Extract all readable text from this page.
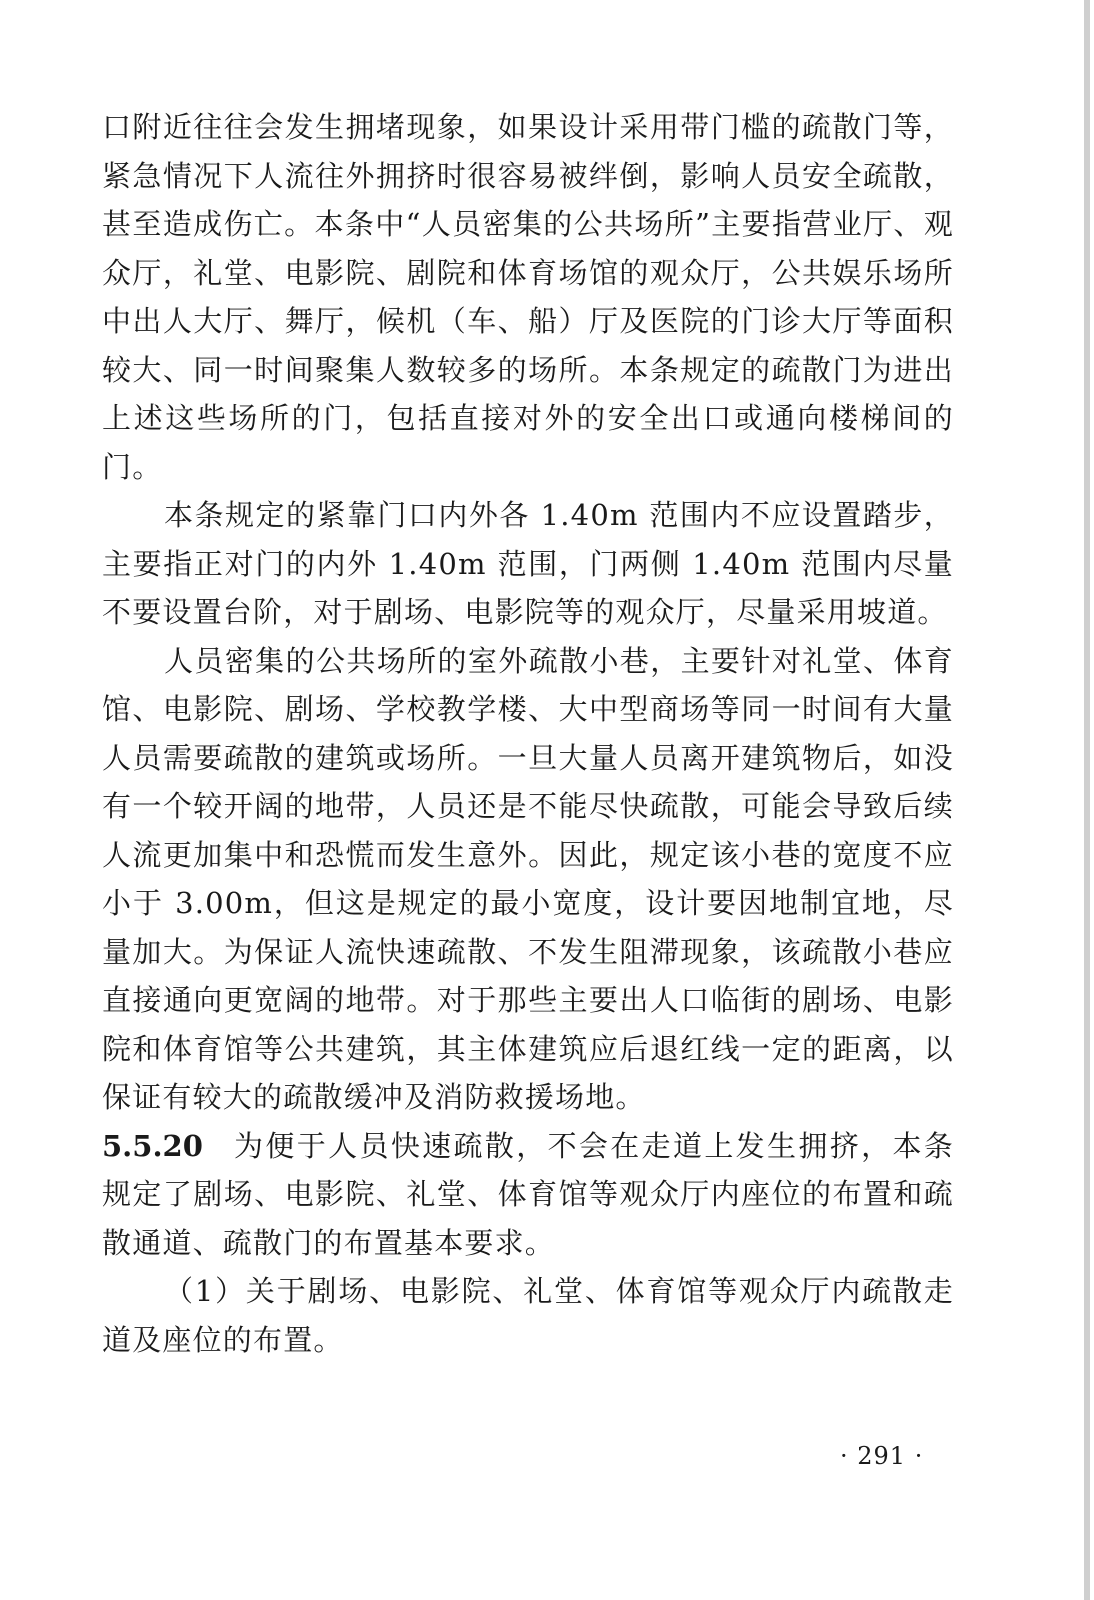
口附近往往会发生拥堵现象，如果设计采用带门槛的疏散门等，紧急情况下人流往外拥挤时很容易被绊倒，影响人员安全疏散，甚至造成伤亡。本条中“人员密集的公共场所”主要指营业厅、观众厅，礼堂、电影院、剧院和体育场馆的观众厅，公共娱乐场所中出人大厅、舞厅，候机（车、船）厅及医院的门诊大厅等面积较大、同一时间聚集人数较多的场所。本条规定的疏散门为进出上述这些场所的门，包括直接对外的安全出口或通向楼梯间的门。

本条规定的紧靠门口内外各 1.40m 范围内不应设置踏步，主要指正对门的内外 1.40m 范围，门两侧 1.40m 范围内尽量不要设置台阶，对于剧场、电影院等的观众厅，尽量采用坡道。

人员密集的公共场所的室外疏散小巷，主要针对礼堂、体育馆、电影院、剧场、学校教学楼、大中型商场等同一时间有大量人员需要疏散的建筑或场所。一旦大量人员离开建筑物后，如没有一个较开阔的地带，人员还是不能尽快疏散，可能会导致后续人流更加集中和恐慌而发生意外。因此，规定该小巷的宽度不应小于 3.00m，但这是规定的最小宽度，设计要因地制宜地，尽量加大。为保证人流快速疏散、不发生阻滞现象，该疏散小巷应直接通向更宽阔的地带。对于那些主要出人口临街的剧场、电影院和体育馆等公共建筑，其主体建筑应后退红线一定的距离，以保证有较大的疏散缓冲及消防救援场地。

5.5.20 为便于人员快速疏散，不会在走道上发生拥挤，本条规定了剧场、电影院、礼堂、体育馆等观众厅内座位的布置和疏散通道、疏散门的布置基本要求。

（1）关于剧场、电影院、礼堂、体育馆等观众厅内疏散走道及座位的布置。

· 291 ·
